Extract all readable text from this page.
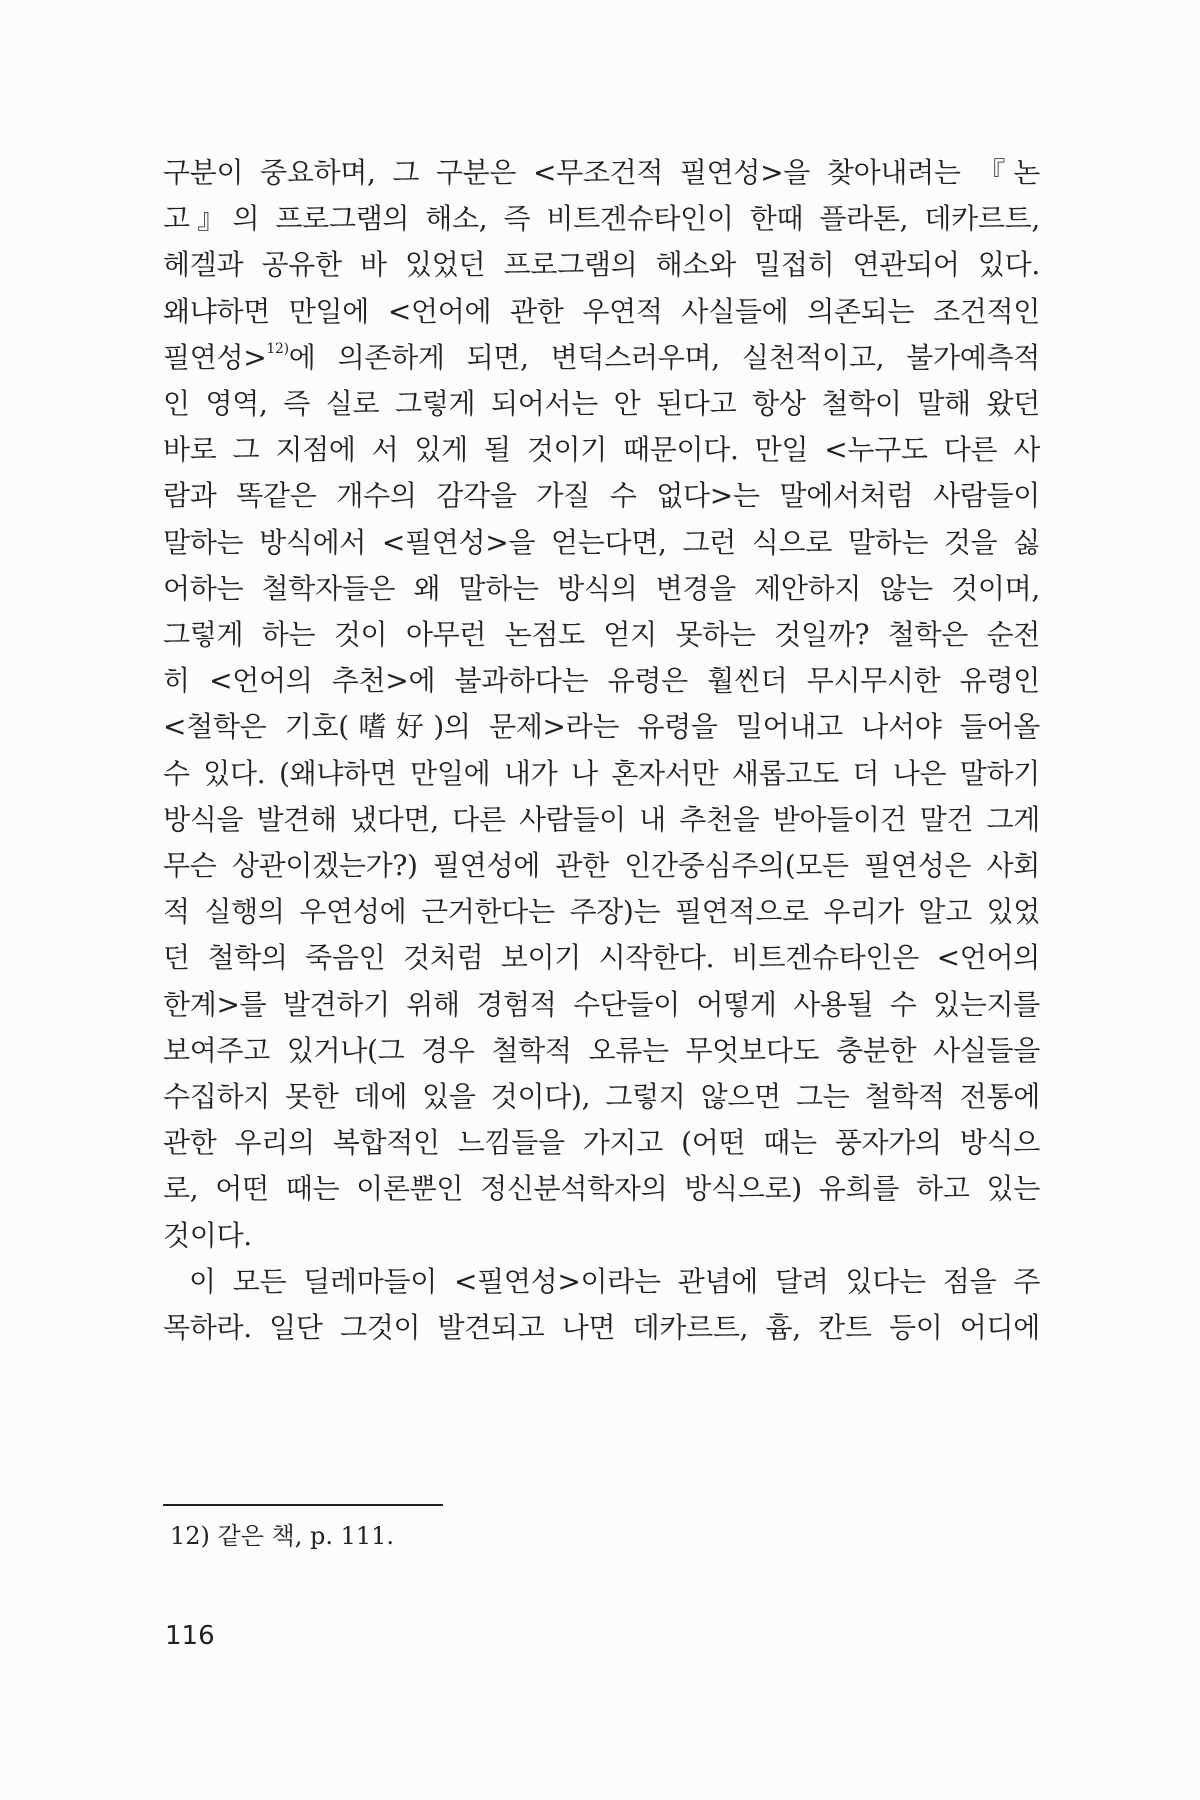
구분이 중요하며, 그 구분은 <무조건적 필연성>을 찾아내려는 『논
고』의 프로그램의 해소, 즉 비트겐슈타인이 한때 플라톤, 데카르트,
헤겔과 공유한 바 있었던 프로그램의 해소와 밀접히 연관되어 있다.
왜냐하면 만일에 <언어에 관한 우연적 사실들에 의존되는 조건적인
필연성>$^{12)}$에 의존하게 되면, 변덕스러우며, 실천적이고, 불가예측적
인 영역, 즉 실로 그렇게 되어서는 안 된다고 항상 철학이 말해 왔던
바로 그 지점에 서 있게 될 것이기 때문이다. 만일 <누구도 다른 사
람과 똑같은 개수의 감각을 가질 수 없다>는 말에서처럼 사람들이
말하는 방식에서 <필연성>을 얻는다면, 그런 식으로 말하는 것을 싫
어하는 철학자들은 왜 말하는 방식의 변경을 제안하지 않는 것이며,
그렇게 하는 것이 아무런 논점도 얻지 못하는 것일까? 철학은 순전
히 <언어의 추천>에 불과하다는 유령은 훨씬더 무시무시한 유령인
<철학은 기호(嗜好)의 문제>라는 유령을 밀어내고 나서야 들어올
수 있다. (왜냐하면 만일에 내가 나 혼자서만 새롭고도 더 나은 말하기
방식을 발견해 냈다면, 다른 사람들이 내 추천을 받아들이건 말건 그게
무슨 상관이겠는가?) 필연성에 관한 인간중심주의(모든 필연성은 사회
적 실행의 우연성에 근거한다는 주장)는 필연적으로 우리가 알고 있었
던 철학의 죽음인 것처럼 보이기 시작한다. 비트겐슈타인은 <언어의
한계>를 발견하기 위해 경험적 수단들이 어떻게 사용될 수 있는지를
보여주고 있거나(그 경우 철학적 오류는 무엇보다도 충분한 사실들을
수집하지 못한 데에 있을 것이다), 그렇지 않으면 그는 철학적 전통에
관한 우리의 복합적인 느낌들을 가지고 (어떤 때는 풍자가의 방식으
로, 어떤 때는 이론뿐인 정신분석학자의 방식으로) 유희를 하고 있는
것이다.
이 모든 딜레마들이 <필연성>이라는 관념에 달려 있다는 점을 주
목하라. 일단 그것이 발견되고 나면 데카르트, 흄, 칸트 등이 어디에
12) 같은 책, p. 111.
116
